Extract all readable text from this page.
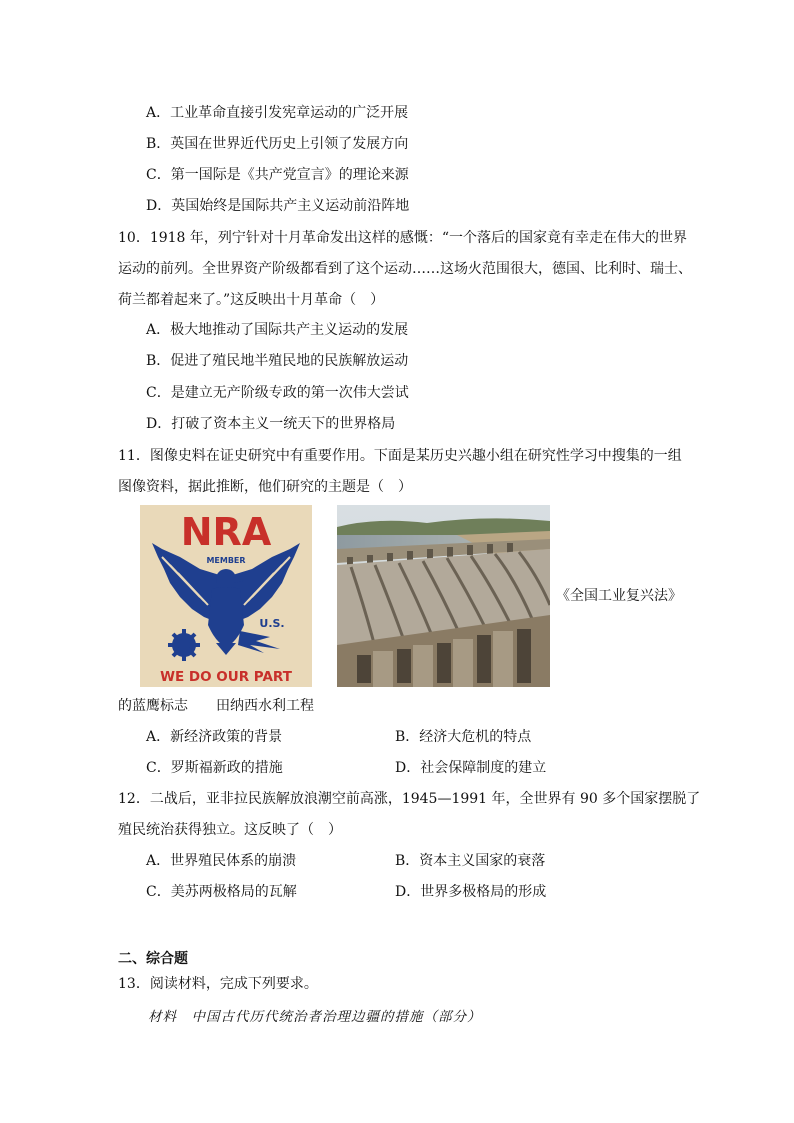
A．工业革命直接引发宪章运动的广泛开展
B．英国在世界近代历史上引领了发展方向
C．第一国际是《共产党宣言》的理论来源
D．英国始终是国际共产主义运动前沿阵地
10．1918 年，列宁针对十月革命发出这样的感慨：“一个落后的国家竟有幸走在伟大的世界
运动的前列。全世界资产阶级都看到了这个运动……这场火范围很大，德国、比利时、瑞士、
荷兰都着起来了。”这反映出十月革命（　）
A．极大地推动了国际共产主义运动的发展
B．促进了殖民地半殖民地的民族解放运动
C．是建立无产阶级专政的第一次伟大尝试
D．打破了资本主义一统天下的世界格局
11．图像史料在证史研究中有重要作用。下面是某历史兴趣小组在研究性学习中搜集的一组
图像资料，据此推断，他们研究的主题是（　）
NRA
MEMBER
U.S.
WE DO OUR PART
《全国工业复兴法》
的蓝鹰标志　　田纳西水利工程
A．新经济政策的背景	B．经济大危机的特点
C．罗斯福新政的措施	D．社会保障制度的建立
12．二战后，亚非拉民族解放浪潮空前高涨，1945—1991 年，全世界有 90 多个国家摆脱了
殖民统治获得独立。这反映了（　）
A．世界殖民体系的崩溃	B．资本主义国家的衰落
C．美苏两极格局的瓦解	D．世界多极格局的形成
二、综合题
13．阅读材料，完成下列要求。
材料　中国古代历代统治者治理边疆的措施（部分）
